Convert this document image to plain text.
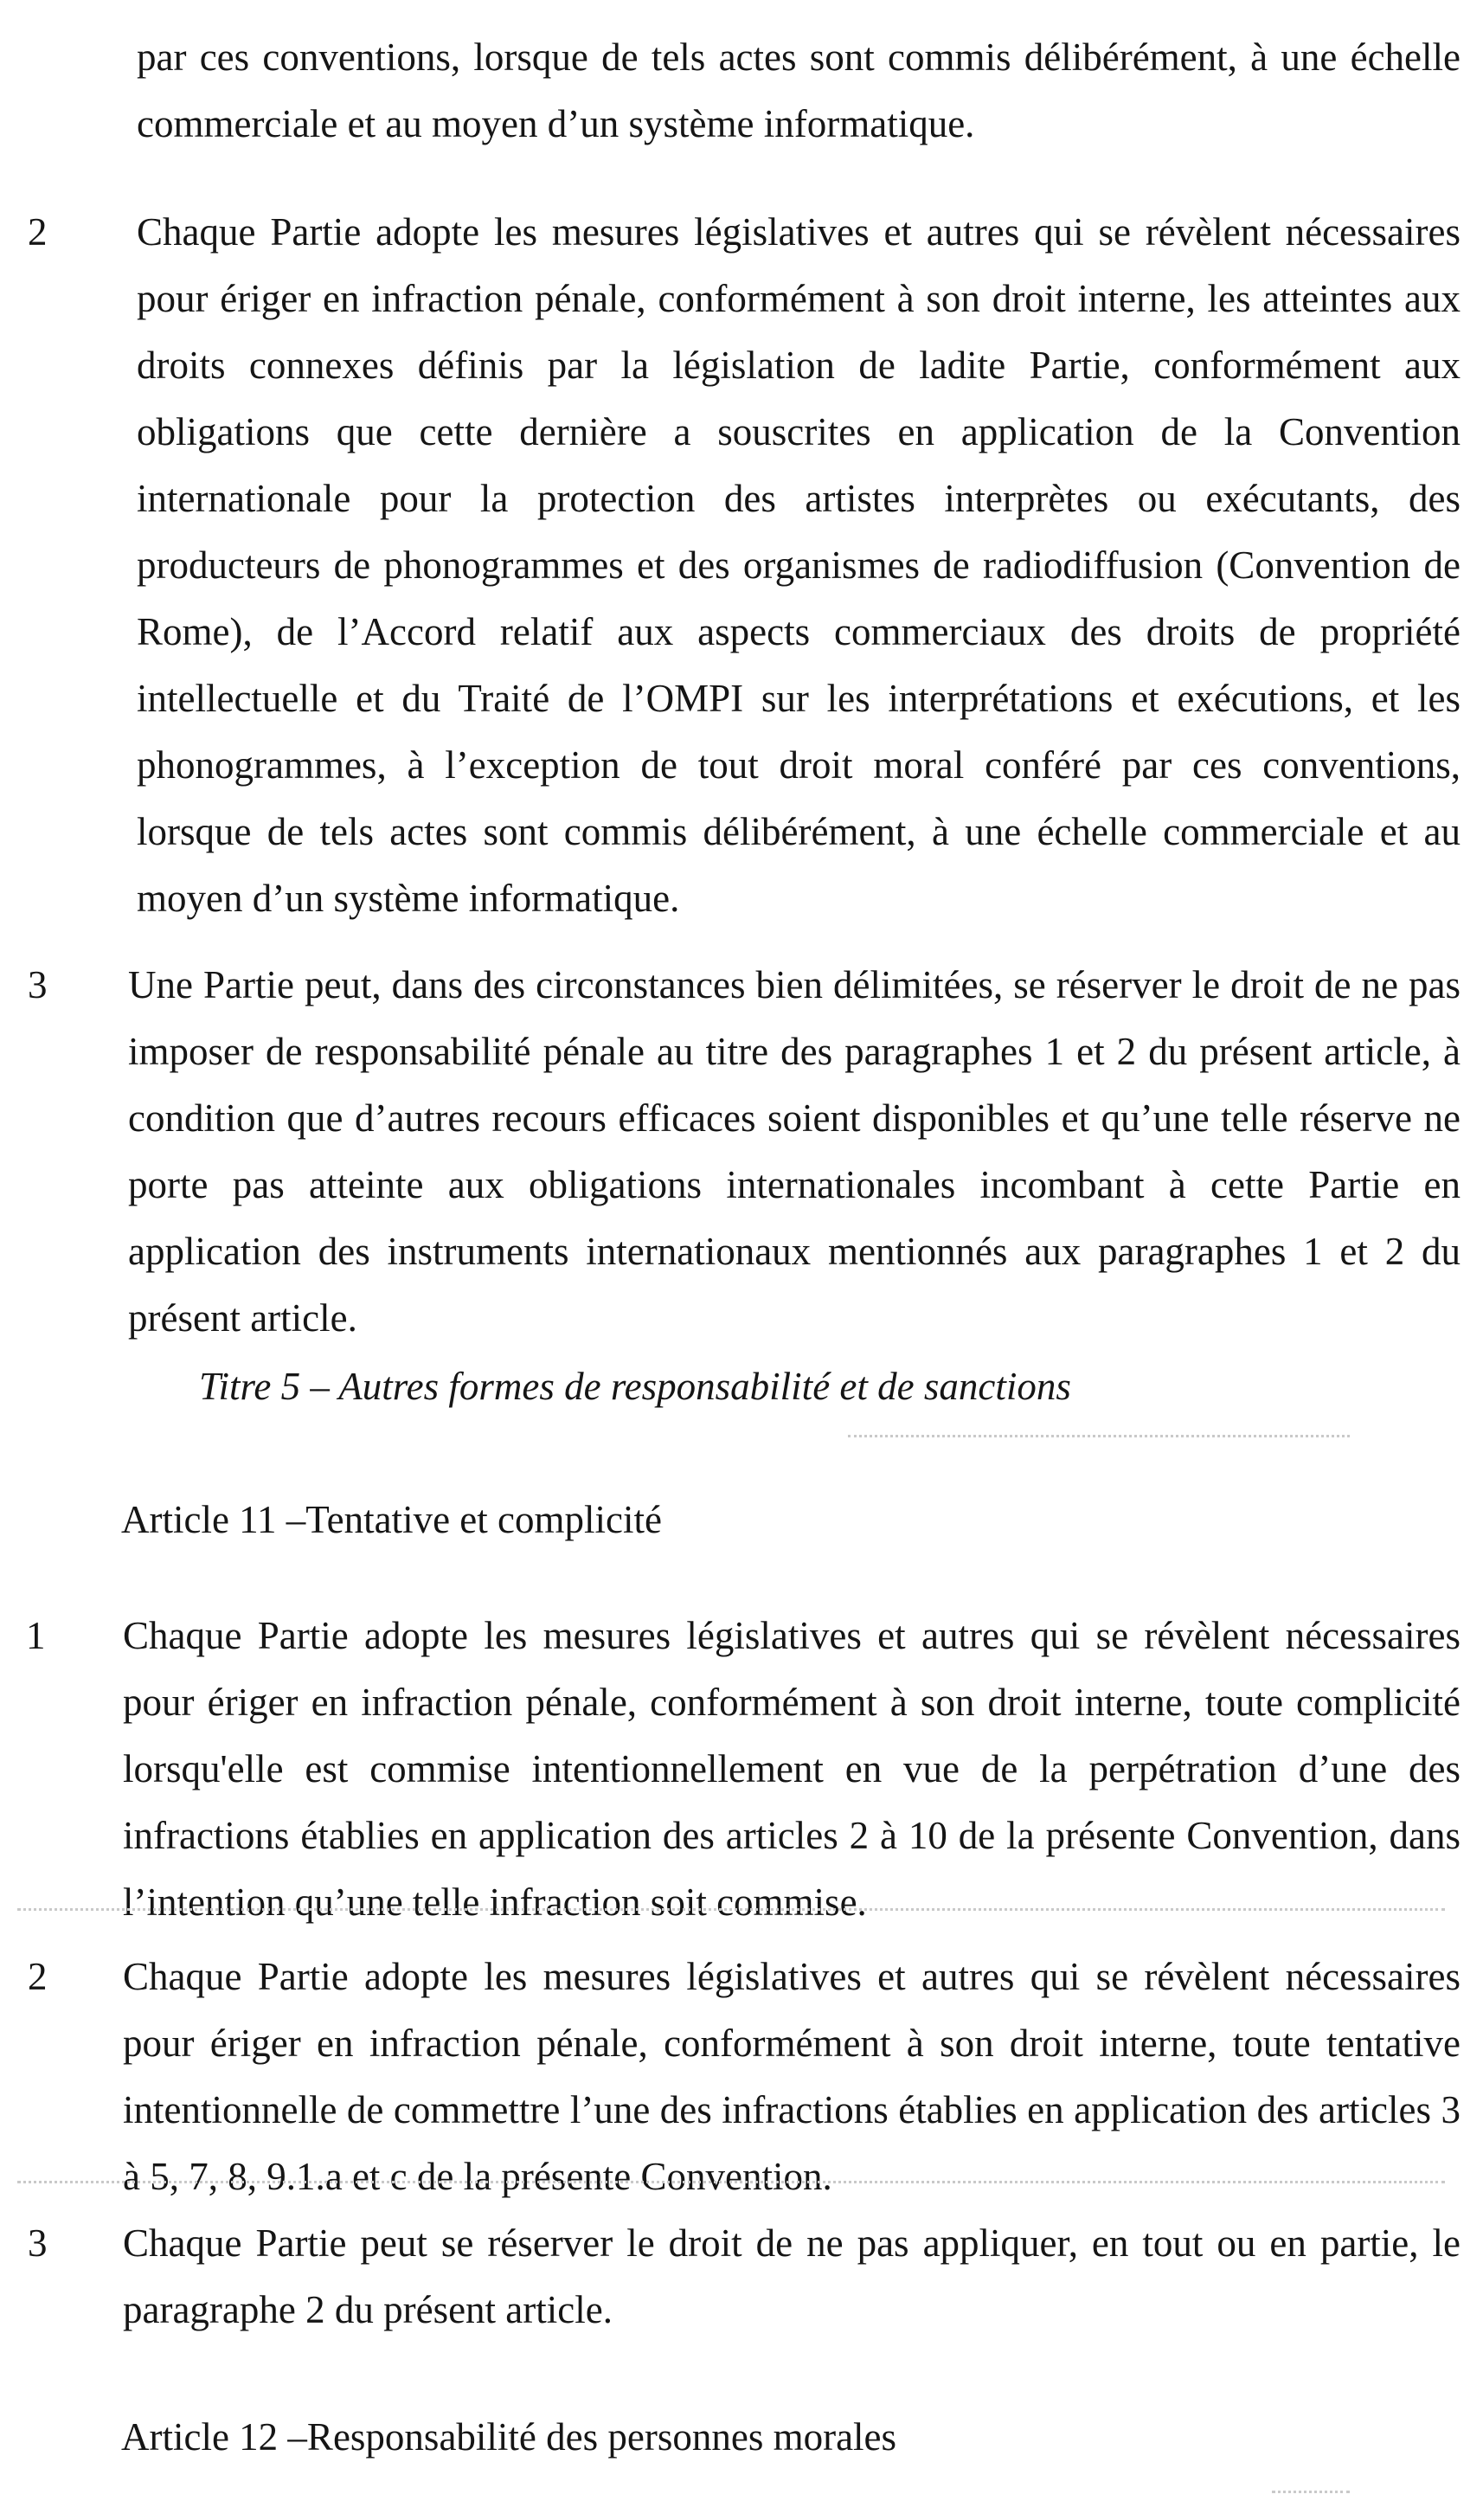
par ces conventions, lorsque de tels actes sont commis délibérément, à une échelle commerciale et au moyen d’un système informatique.

2 Chaque Partie adopte les mesures législatives et autres qui se révèlent nécessaires pour ériger en infraction pénale, conformément à son droit interne, les atteintes aux droits connexes définis par la législation de ladite Partie, conformément aux obligations que cette dernière a souscrites en application de la Convention internationale pour la protection des artistes interprètes ou exécutants, des producteurs de phonogrammes et des organismes de radiodiffusion (Convention de Rome), de l’Accord relatif aux aspects commerciaux des droits de propriété intellectuelle et du Traité de l’OMPI sur les interprétations et exécutions, et les phonogrammes, à l’exception de tout droit moral conféré par ces conventions, lorsque de tels actes sont commis délibérément, à une échelle commerciale et au moyen d’un système informatique.

3 Une Partie peut, dans des circonstances bien délimitées, se réserver le droit de ne pas imposer de responsabilité pénale au titre des paragraphes 1 et 2 du présent article, à condition que d’autres recours efficaces soient disponibles et qu’une telle réserve ne porte pas atteinte aux obligations internationales incombant à cette Partie en application des instruments internationaux mentionnés aux paragraphes 1 et 2 du présent article.

Titre 5 – Autres formes de responsabilité et de sanctions
Article 11 –Tentative et complicité
1 Chaque Partie adopte les mesures législatives et autres qui se révèlent nécessaires pour ériger en infraction pénale, conformément à son droit interne, toute complicité lorsqu'elle est commise intentionnellement en vue de la perpétration d’une des infractions établies en application des articles 2 à 10 de la présente Convention, dans l’intention qu’une telle infraction soit commise.

2 Chaque Partie adopte les mesures législatives et autres qui se révèlent nécessaires pour ériger en infraction pénale, conformément à son droit interne, toute tentative intentionnelle de commettre l’une des infractions établies en application des articles 3 à 5, 7, 8, 9.1.a et c de la présente Convention.

3 Chaque Partie peut se réserver le droit de ne pas appliquer, en tout ou en partie, le paragraphe 2 du présent article.

Article 12 –Responsabilité des personnes morales
